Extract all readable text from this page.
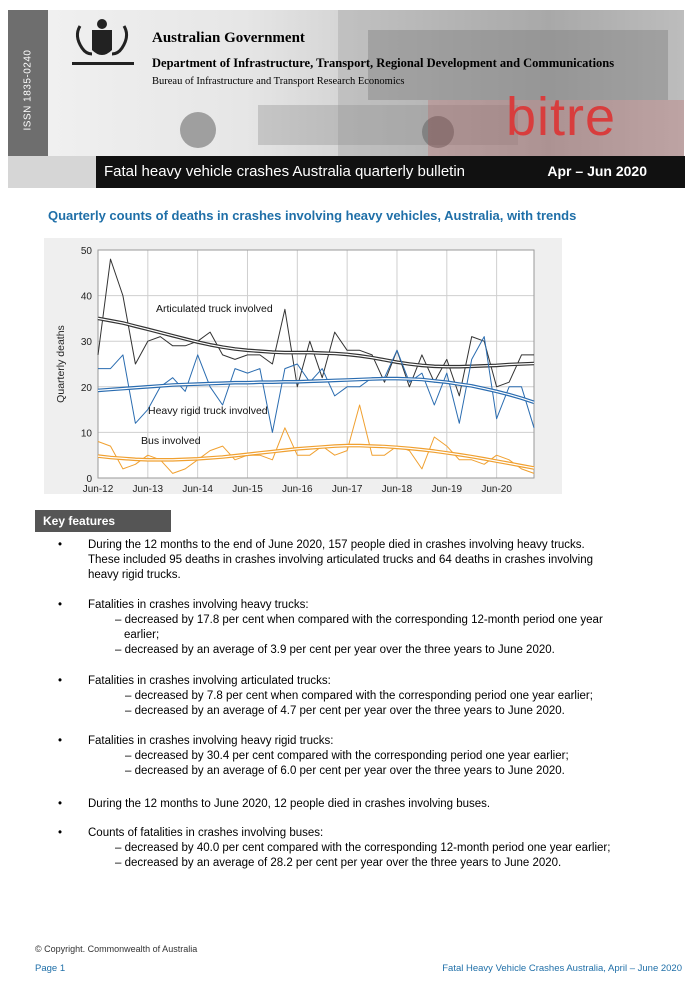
ISSN 1835-0240
Australian Government
Department of Infrastructure, Transport, Regional Development and Communications
Bureau of Infrastructure and Transport Research Economics
bitre
Fatal heavy vehicle crashes Australia quarterly bulletin	Apr – Jun 2020
Quarterly counts of deaths in crashes involving heavy vehicles, Australia, with trends
0
10
20
30
40
50
Jun-12 Jun-13 Jun-14 Jun-15 Jun-16 Jun-17 Jun-18 Jun-19 Jun-20
Quarterly deaths
Articulated truck involved
Heavy rigid truck involved
Bus involved
Key features
• During the 12 months to the end of June 2020, 157 people died in crashes involving heavy trucks. These included 95 deaths in crashes involving articulated trucks and 64 deaths in crashes involving heavy rigid trucks.
• Fatalities in crashes involving heavy trucks:
– decreased by 17.8 per cent when compared with the corresponding 12-month period one year earlier;
– decreased by an average of 3.9 per cent per year over the three years to June 2020.
• Fatalities in crashes involving articulated trucks:
– decreased by 7.8 per cent when compared with the corresponding period one year earlier;
– decreased by an average of 4.7 per cent per year over the three years to June 2020.
• Fatalities in crashes involving heavy rigid trucks:
– decreased by 30.4 per cent compared with the corresponding period one year earlier;
– decreased by an average of 6.0 per cent per year over the three years to June 2020.
• During the 12 months to June 2020, 12 people died in crashes involving buses.
• Counts of fatalities in crashes involving buses:
– decreased by 40.0 per cent compared with the corresponding 12-month period one year earlier;
– decreased by an average of 28.2 per cent per year over the three years to June 2020.
© Copyright. Commonwealth of Australia
Page 1	Fatal Heavy Vehicle Crashes Australia, April – June 2020
